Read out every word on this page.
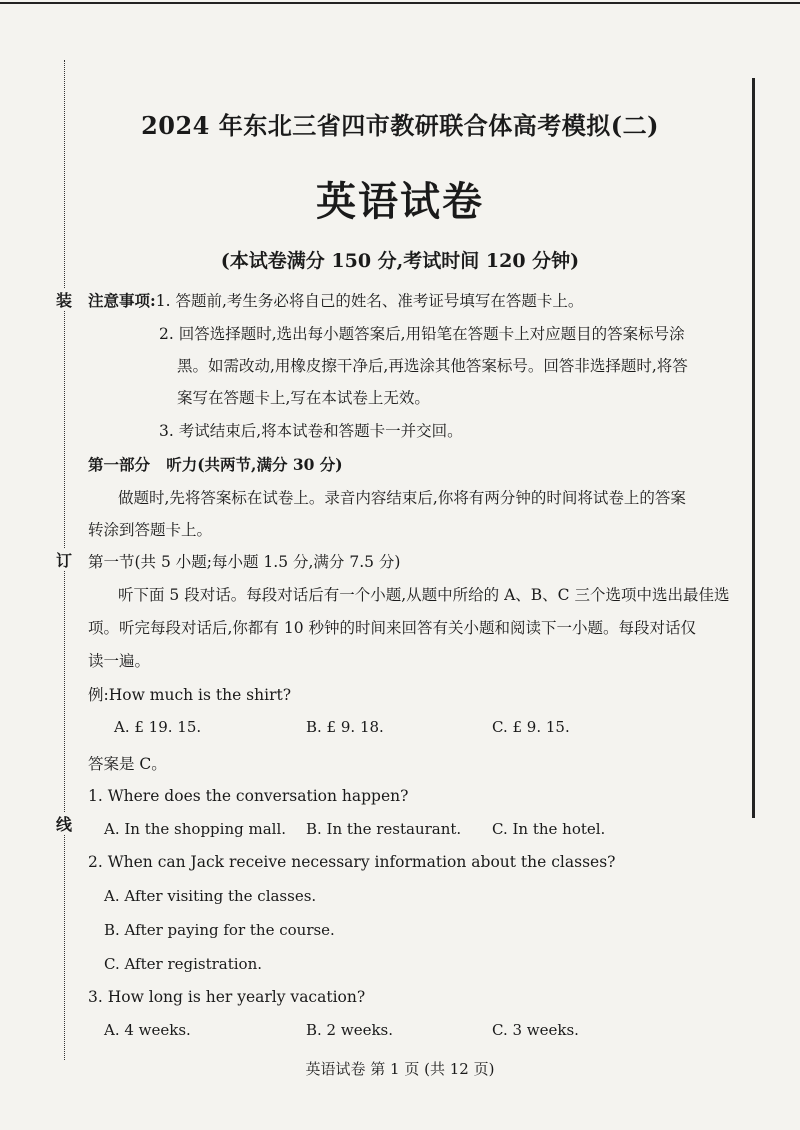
装
订
线
2024 年东北三省四市教研联合体高考模拟(二)
英语试卷
(本试卷满分 150 分,考试时间 120 分钟)
注意事项:1. 答题前,考生务必将自己的姓名、准考证号填写在答题卡上。
2. 回答选择题时,选出每小题答案后,用铅笔在答题卡上对应题目的答案标号涂
黑。如需改动,用橡皮擦干净后,再选涂其他答案标号。回答非选择题时,将答
案写在答题卡上,写在本试卷上无效。
3. 考试结束后,将本试卷和答题卡一并交回。
第一部分 听力(共两节,满分 30 分)
做题时,先将答案标在试卷上。录音内容结束后,你将有两分钟的时间将试卷上的答案
转涂到答题卡上。
第一节(共 5 小题;每小题 1.5 分,满分 7.5 分)
听下面 5 段对话。每段对话后有一个小题,从题中所给的 A、B、C 三个选项中选出最佳选
项。听完每段对话后,你都有 10 秒钟的时间来回答有关小题和阅读下一小题。每段对话仅
读一遍。
例:How much is the shirt?
A. £ 19. 15.	B. £ 9. 18.	C. £ 9. 15.
答案是 C。
1. Where does the conversation happen?
A. In the shopping mall. B. In the restaurant. C. In the hotel.
2. When can Jack receive necessary information about the classes?
A. After visiting the classes.
B. After paying for the course.
C. After registration.
3. How long is her yearly vacation?
A. 4 weeks.	B. 2 weeks.	C. 3 weeks.
英语试卷 第 1 页 (共 12 页)
